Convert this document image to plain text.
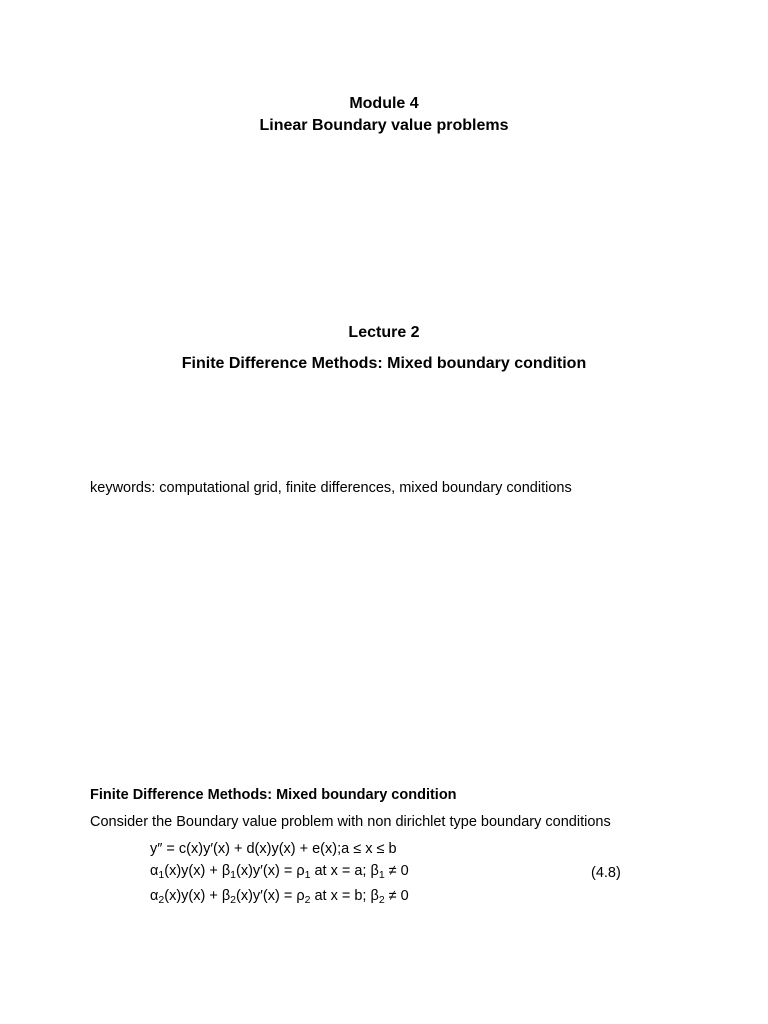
Module 4
Linear Boundary value problems
Lecture 2
Finite Difference Methods: Mixed boundary condition
keywords: computational grid, finite differences, mixed boundary conditions
Finite Difference Methods: Mixed boundary condition
Consider the Boundary value problem with non dirichlet type boundary conditions
y″ = c(x)y′(x) + d(x)y(x) + e(x);a ≤ x ≤ b
$\alpha_1(x)y(x) + \beta_1(x)y'(x) = \rho_1$ at x = a; $\beta_1 \ne 0$	(4.8)
$\alpha_2(x)y(x) + \beta_2(x)y'(x) = \rho_2$ at x = b; $\beta_2 \ne 0$
